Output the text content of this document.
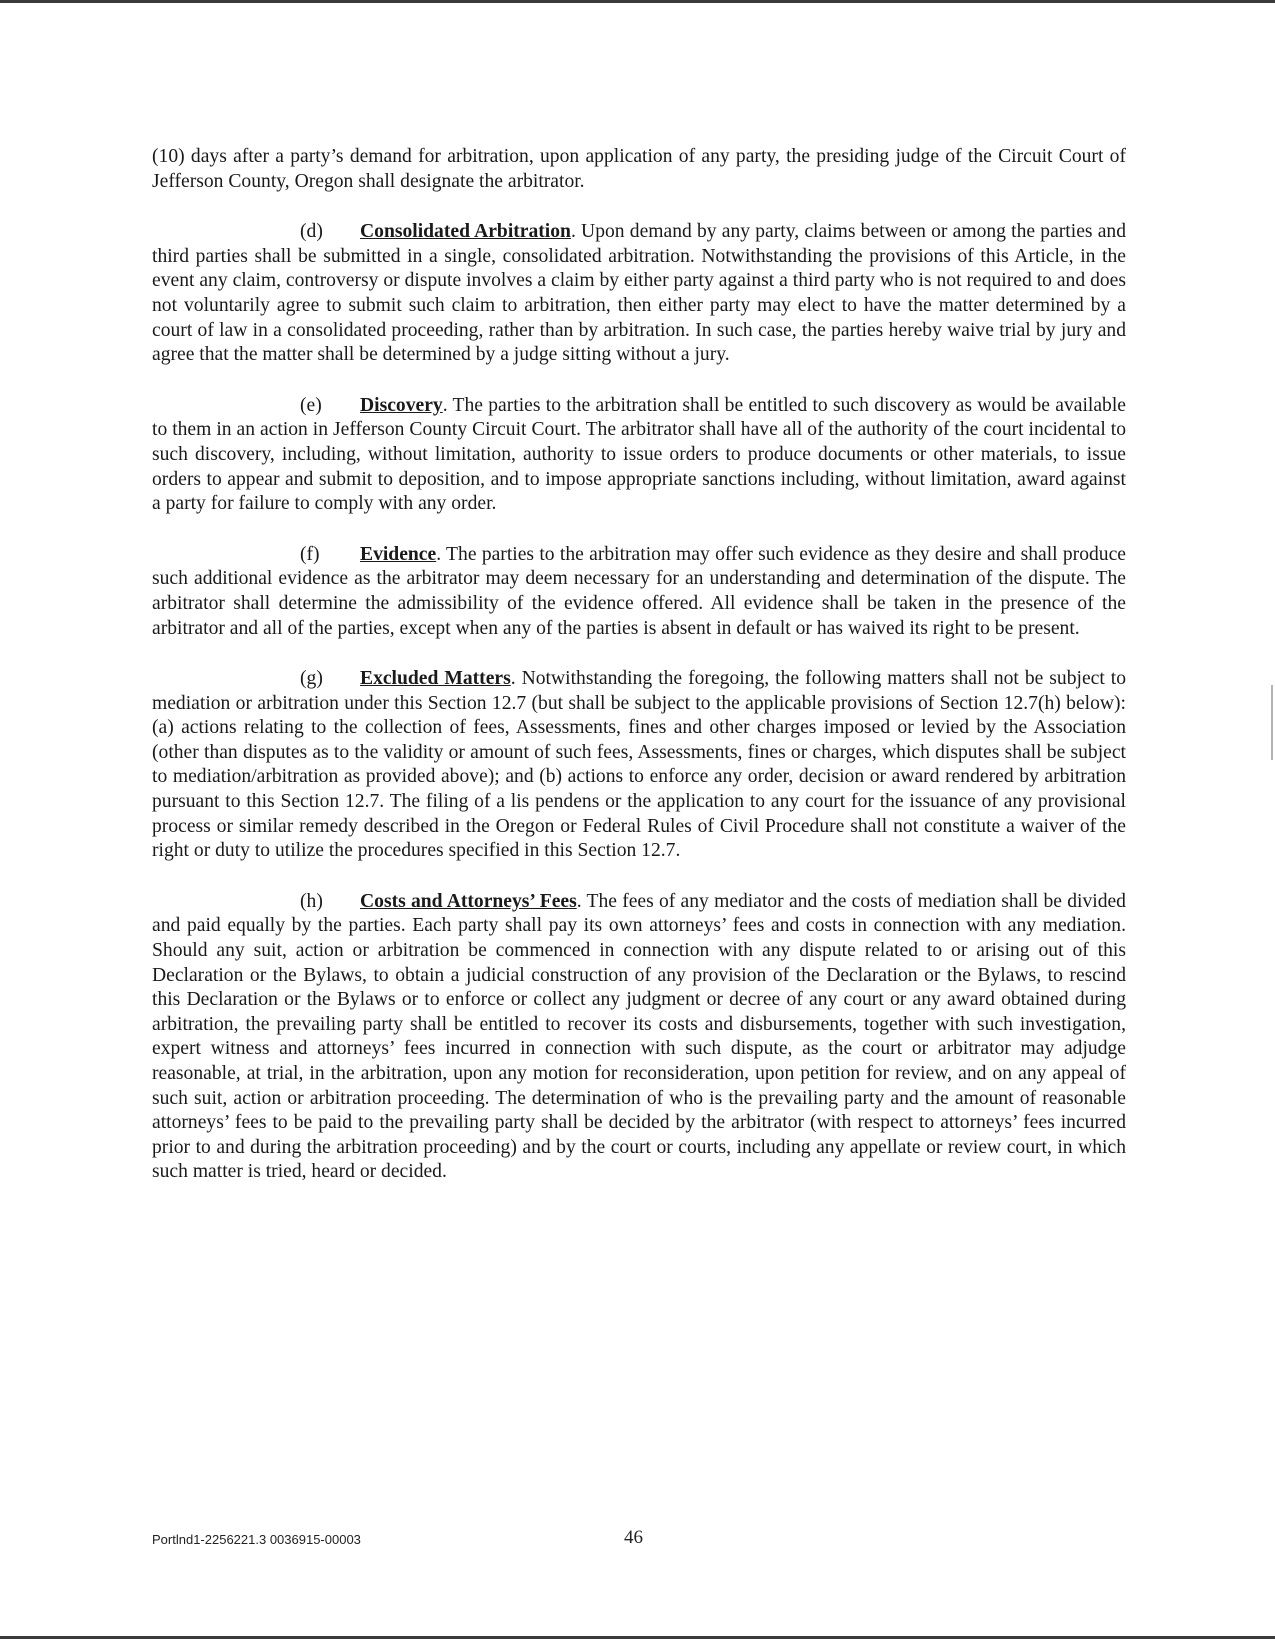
(10) days after a party’s demand for arbitration, upon application of any party, the presiding judge of the Circuit Court of Jefferson County, Oregon shall designate the arbitrator.

(d) Consolidated Arbitration. Upon demand by any party, claims between or among the parties and third parties shall be submitted in a single, consolidated arbitration. Notwithstanding the provisions of this Article, in the event any claim, controversy or dispute involves a claim by either party against a third party who is not required to and does not voluntarily agree to submit such claim to arbitration, then either party may elect to have the matter determined by a court of law in a consolidated proceeding, rather than by arbitration. In such case, the parties hereby waive trial by jury and agree that the matter shall be determined by a judge sitting without a jury.

(e) Discovery. The parties to the arbitration shall be entitled to such discovery as would be available to them in an action in Jefferson County Circuit Court. The arbitrator shall have all of the authority of the court incidental to such discovery, including, without limitation, authority to issue orders to produce documents or other materials, to issue orders to appear and submit to deposition, and to impose appropriate sanctions including, without limitation, award against a party for failure to comply with any order.

(f) Evidence. The parties to the arbitration may offer such evidence as they desire and shall produce such additional evidence as the arbitrator may deem necessary for an understanding and determination of the dispute. The arbitrator shall determine the admissibility of the evidence offered. All evidence shall be taken in the presence of the arbitrator and all of the parties, except when any of the parties is absent in default or has waived its right to be present.

(g) Excluded Matters. Notwithstanding the foregoing, the following matters shall not be subject to mediation or arbitration under this Section 12.7 (but shall be subject to the applicable provisions of Section 12.7(h) below): (a) actions relating to the collection of fees, Assessments, fines and other charges imposed or levied by the Association (other than disputes as to the validity or amount of such fees, Assessments, fines or charges, which disputes shall be subject to mediation/arbitration as provided above); and (b) actions to enforce any order, decision or award rendered by arbitration pursuant to this Section 12.7. The filing of a lis pendens or the application to any court for the issuance of any provisional process or similar remedy described in the Oregon or Federal Rules of Civil Procedure shall not constitute a waiver of the right or duty to utilize the procedures specified in this Section 12.7.

(h) Costs and Attorneys’ Fees. The fees of any mediator and the costs of mediation shall be divided and paid equally by the parties. Each party shall pay its own attorneys’ fees and costs in connection with any mediation. Should any suit, action or arbitration be commenced in connection with any dispute related to or arising out of this Declaration or the Bylaws, to obtain a judicial construction of any provision of the Declaration or the Bylaws, to rescind this Declaration or the Bylaws or to enforce or collect any judgment or decree of any court or any award obtained during arbitration, the prevailing party shall be entitled to recover its costs and disbursements, together with such investigation, expert witness and attorneys’ fees incurred in connection with such dispute, as the court or arbitrator may adjudge reasonable, at trial, in the arbitration, upon any motion for reconsideration, upon petition for review, and on any appeal of such suit, action or arbitration proceeding. The determination of who is the prevailing party and the amount of reasonable attorneys’ fees to be paid to the prevailing party shall be decided by the arbitrator (with respect to attorneys’ fees incurred prior to and during the arbitration proceeding) and by the court or courts, including any appellate or review court, in which such matter is tried, heard or decided.

Portlnd1-2256221.3 0036915-00003	46
